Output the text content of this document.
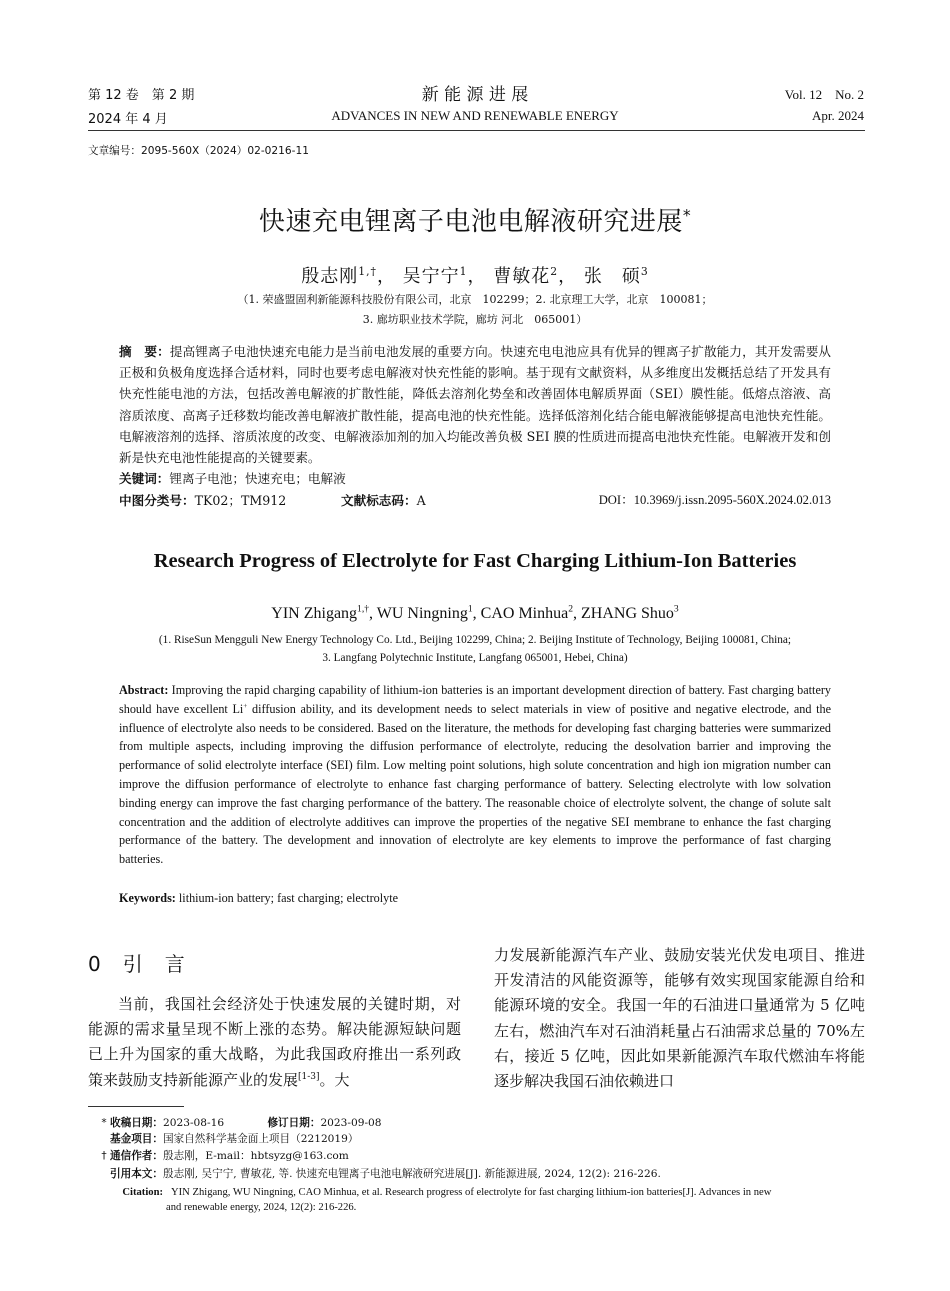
第 12 卷　第 2 期
2024 年 4 月
新 能 源 进 展
ADVANCES IN NEW AND RENEWABLE ENERGY
Vol. 12　No. 2
Apr. 2024
文章编号：2095-560X（2024）02-0216-11
快速充电锂离子电池电解液研究进展*
殷志刚$^{1,\dagger}$， 吴宁宁$^1$， 曹敏花$^2$， 张　硕$^3$
（1. 荣盛盟固利新能源科技股份有限公司，北京　102299；2. 北京理工大学，北京　100081；
3. 廊坊职业技术学院，廊坊 河北　065001）
摘　要：提高锂离子电池快速充电能力是当前电池发展的重要方向。快速充电电池应具有优异的锂离子扩散能力，其开发需要从正极和负极角度选择合适材料，同时也要考虑电解液对快充性能的影响。基于现有文献资料，从多维度出发概括总结了开发具有快充性能电池的方法，包括改善电解液的扩散性能，降低去溶剂化势垒和改善固体电解质界面（SEI）膜性能。低熔点溶液、高溶质浓度、高离子迁移数均能改善电解液扩散性能，提高电池的快充性能。选择低溶剂化结合能电解液能够提高电池快充性能。电解液溶剂的选择、溶质浓度的改变、电解液添加剂的加入均能改善负极 SEI 膜的性质进而提高电池快充性能。电解液开发和创新是快充电池性能提高的关键要素。
关键词：锂离子电池；快速充电；电解液
中图分类号：TK02；TM912	文献标志码：A	DOI：10.3969/j.issn.2095-560X.2024.02.013
Research Progress of Electrolyte for Fast Charging Lithium-Ion Batteries
YIN Zhigang$^{1,\dagger}$, WU Ningning$^1$, CAO Minhua$^2$, ZHANG Shuo$^3$
(1. RiseSun Mengguli New Energy Technology Co. Ltd., Beijing 102299, China; 2. Beijing Institute of Technology, Beijing 100081, China;
3. Langfang Polytechnic Institute, Langfang 065001, Hebei, China)
Abstract: Improving the rapid charging capability of lithium-ion batteries is an important development direction of battery. Fast charging battery should have excellent Li+ diffusion ability, and its development needs to select materials in view of positive and negative electrode, and the influence of electrolyte also needs to be considered. Based on the literature, the methods for developing fast charging batteries were summarized from multiple aspects, including improving the diffusion performance of electrolyte, reducing the desolvation barrier and improving the performance of solid electrolyte interface (SEI) film. Low melting point solutions, high solute concentration and high ion migration number can improve the diffusion performance of electrolyte to enhance fast charging performance of battery. Selecting electrolyte with low solvation binding energy can improve the fast charging performance of the battery. The reasonable choice of electrolyte solvent, the change of solute salt concentration and the addition of electrolyte additives can improve the properties of the negative SEI membrane to enhance the fast charging performance of the battery. The development and innovation of electrolyte are key elements to improve the performance of fast charging batteries.
Keywords: lithium-ion battery; fast charging; electrolyte
0　引　言
当前，我国社会经济处于快速发展的关键时期，对能源的需求量呈现不断上涨的态势。解决能源短缺问题已上升为国家的重大战略，为此我国政府推出一系列政策来鼓励支持新能源产业的发展[1-3]。大
力发展新能源汽车产业、鼓励安装光伏发电项目、推进开发清洁的风能资源等，能够有效实现国家能源自给和能源环境的安全。我国一年的石油进口量通常为 5 亿吨左右，燃油汽车对石油消耗量占石油需求总量的 70%左右，接近 5 亿吨，因此如果新能源汽车取代燃油车将能逐步解决我国石油依赖进口
* 收稿日期：2023-08-16	修订日期：2023-09-08
基金项目：国家自然科学基金面上项目（2212019）
† 通信作者：殷志刚，E-mail：hbtsyzg@163.com
引用本文：殷志刚, 吴宁宁, 曹敏花, 等. 快速充电锂离子电池电解液研究进展[J]. 新能源进展, 2024, 12(2): 216-226.
Citation: YIN Zhigang, WU Ningning, CAO Minhua, et al. Research progress of electrolyte for fast charging lithium-ion batteries[J]. Advances in new
and renewable energy, 2024, 12(2): 216-226.
